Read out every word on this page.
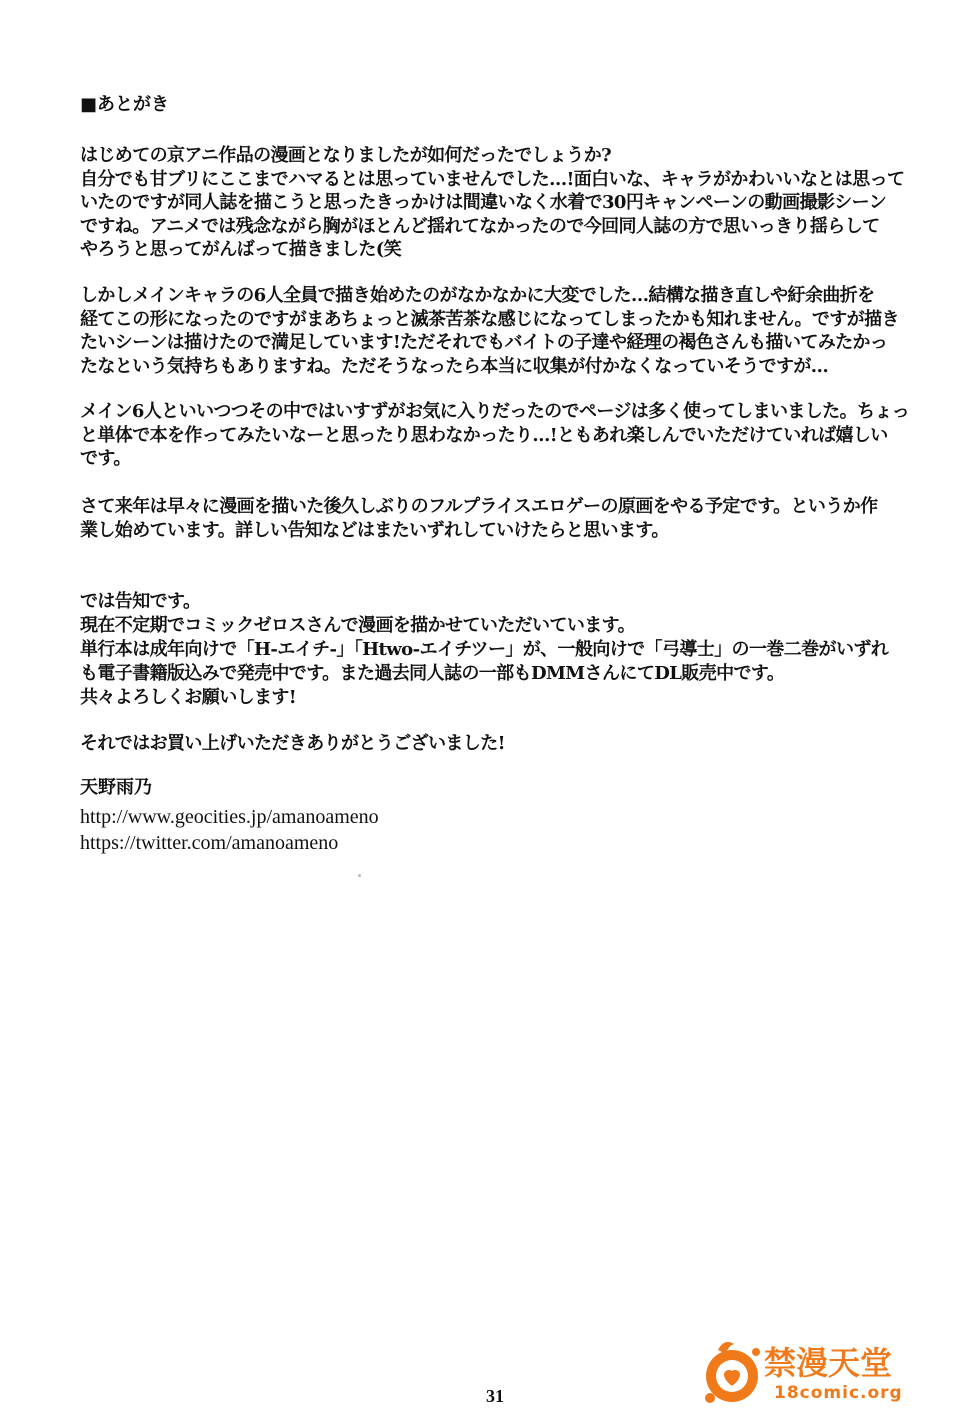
■あとがき
はじめての京アニ作品の漫画となりましたが如何だったでしょうか?
自分でも甘ブリにここまでハマるとは思っていませんでした…!面白いな、キャラがかわいいなとは思って
いたのですが同人誌を描こうと思ったきっかけは間違いなく水着で30円キャンペーンの動画撮影シーン
ですね。アニメでは残念ながら胸がほとんど揺れてなかったので今回同人誌の方で思いっきり揺らして
やろうと思ってがんばって描きました(笑
しかしメインキャラの6人全員で描き始めたのがなかなかに大変でした…結構な描き直しや紆余曲折を
経てこの形になったのですがまあちょっと滅茶苦茶な感じになってしまったかも知れません。ですが描き
たいシーンは描けたので満足しています!ただそれでもバイトの子達や経理の褐色さんも描いてみたかっ
たなという気持ちもありますね。ただそうなったら本当に収集が付かなくなっていそうですが…
メイン6人といいつつその中ではいすずがお気に入りだったのでページは多く使ってしまいました。ちょっ
と単体で本を作ってみたいなーと思ったり思わなかったり…!ともあれ楽しんでいただけていれば嬉しい
です。
さて来年は早々に漫画を描いた後久しぶりのフルプライスエロゲーの原画をやる予定です。というか作
業し始めています。詳しい告知などはまたいずれしていけたらと思います。
では告知です。
現在不定期でコミックゼロスさんで漫画を描かせていただいています。
単行本は成年向けで「H-エイチ-」「Htwo-エイチツー」が、一般向けで「弓導士」の一巻二巻がいずれ
も電子書籍版込みで発売中です。また過去同人誌の一部もDMMさんにてDL販売中です。
共々よろしくお願いします!
それではお買い上げいただきありがとうございました!
天野雨乃
http://www.geocities.jp/amanoameno
https://twitter.com/amanoameno
31
禁漫天堂
18comic.org
